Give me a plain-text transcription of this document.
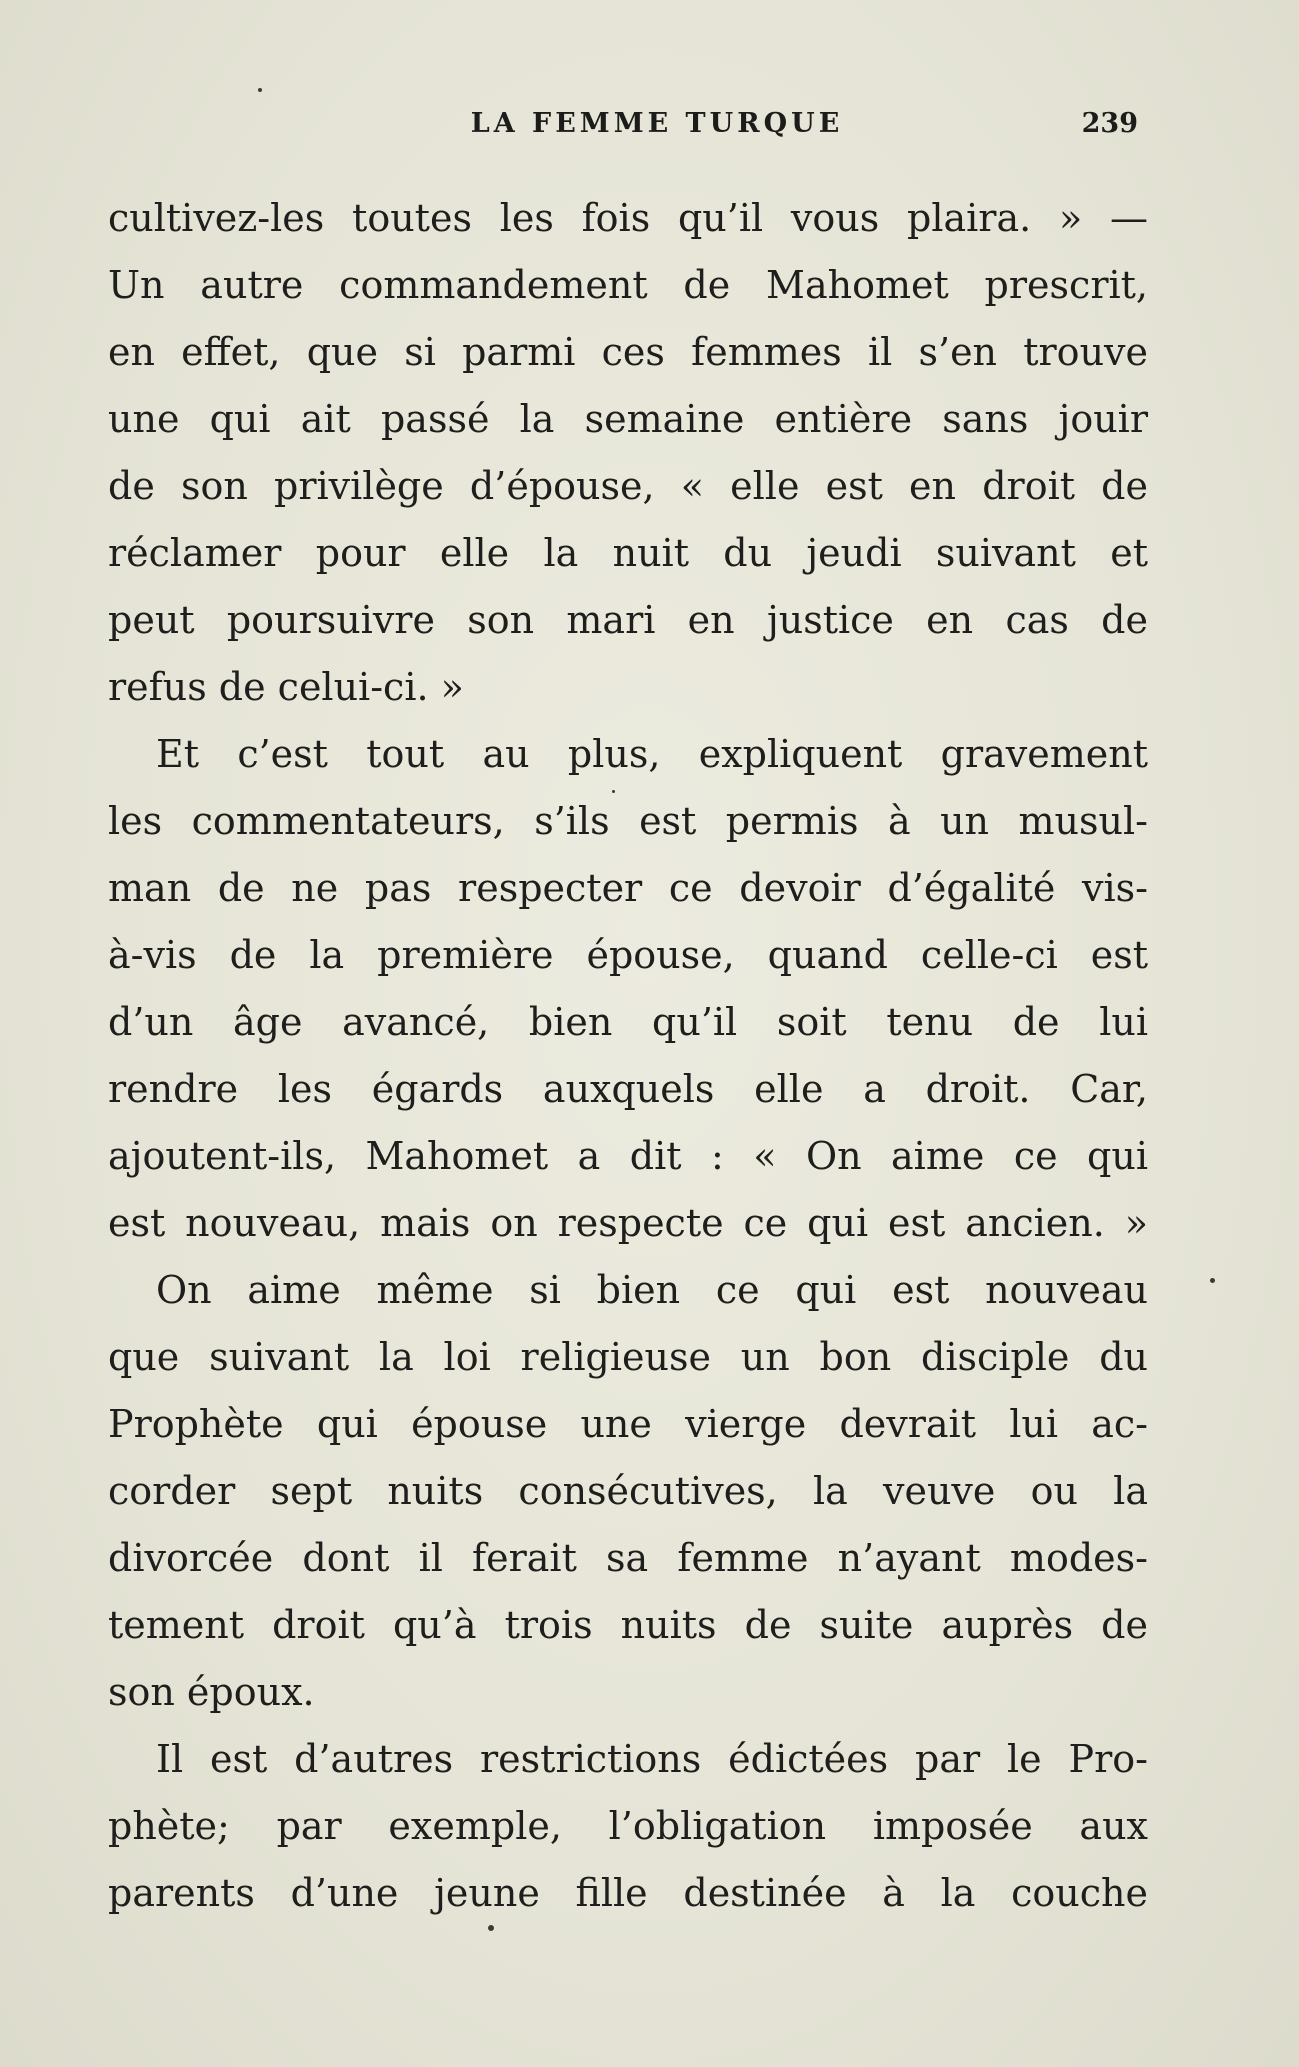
LA FEMME TURQUE	239
cultivez-les toutes les fois qu’il vous plaira. » —
Un autre commandement de Mahomet prescrit,
en effet, que si parmi ces femmes il s’en trouve
une qui ait passé la semaine entière sans jouir
de son privilège d’épouse, « elle est en droit de
réclamer pour elle la nuit du jeudi suivant et
peut poursuivre son mari en justice en cas de
refus de celui-ci. »
Et c’est tout au plus, expliquent gravement
les commentateurs, s’ils est permis à un musul-
man de ne pas respecter ce devoir d’égalité vis-
à-vis de la première épouse, quand celle-ci est
d’un âge avancé, bien qu’il soit tenu de lui
rendre les égards auxquels elle a droit. Car,
ajoutent-ils, Mahomet a dit : « On aime ce qui
est nouveau, mais on respecte ce qui est ancien. »
On aime même si bien ce qui est nouveau
que suivant la loi religieuse un bon disciple du
Prophète qui épouse une vierge devrait lui ac-
corder sept nuits consécutives, la veuve ou la
divorcée dont il ferait sa femme n’ayant modes-
tement droit qu’à trois nuits de suite auprès de
son époux.
Il est d’autres restrictions édictées par le Pro-
phète; par exemple, l’obligation imposée aux
parents d’une jeune fille destinée à la couche
